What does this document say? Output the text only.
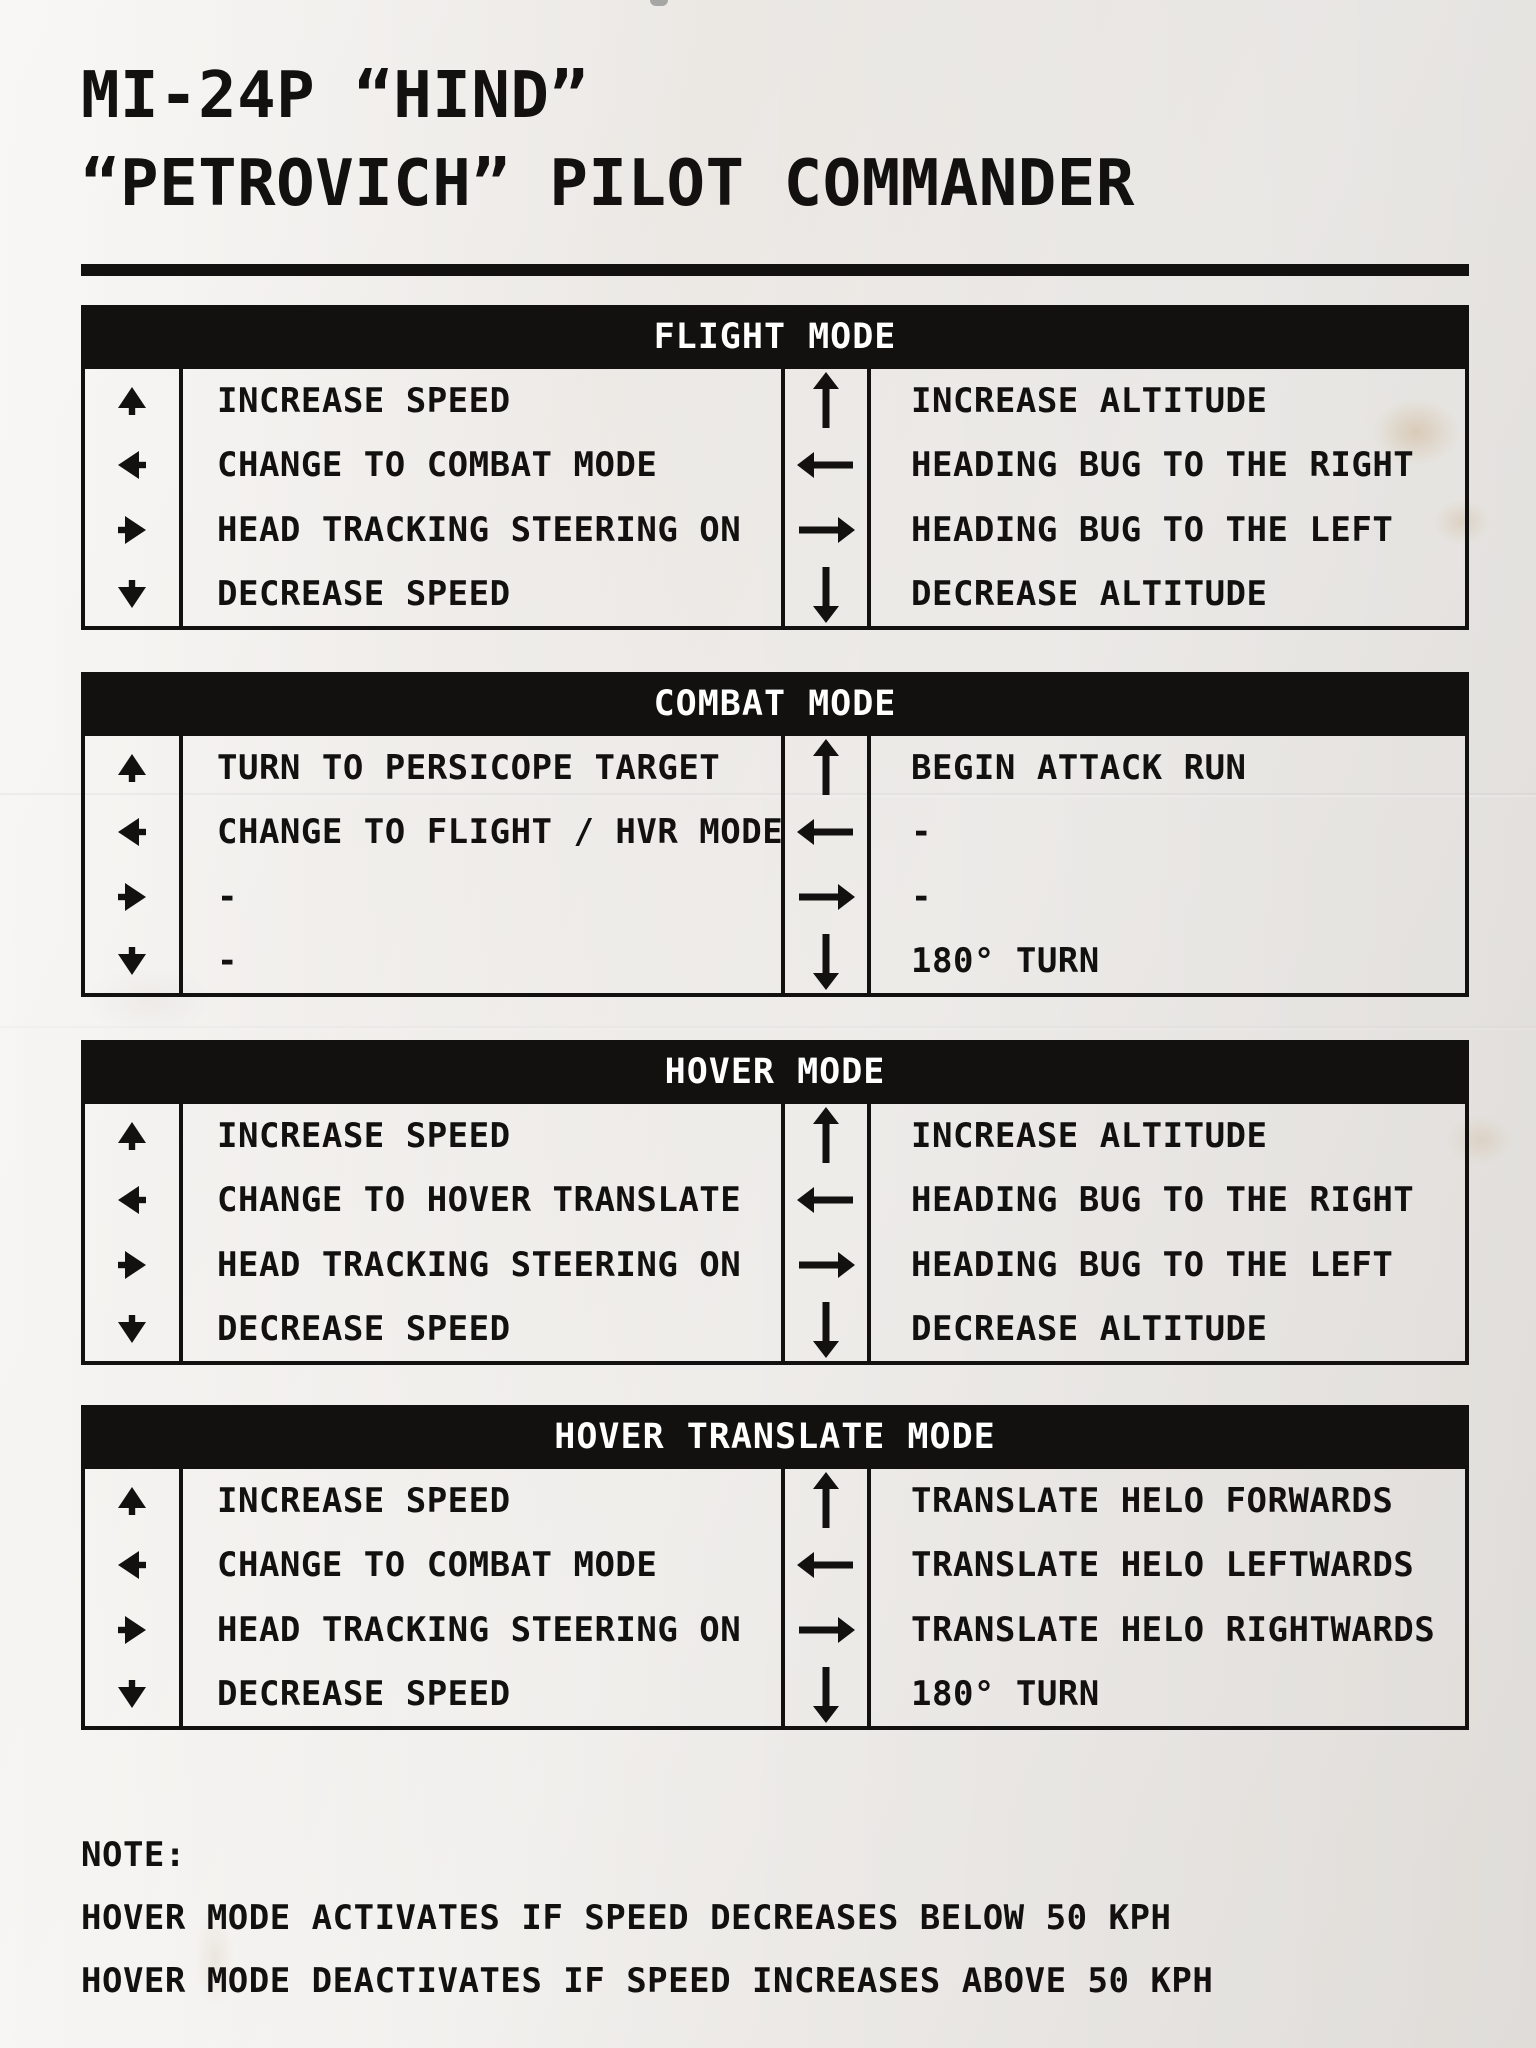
MI-24P “HIND”
“PETROVICH” PILOT COMMANDER
FLIGHT MODE
INCREASE SPEED	INCREASE ALTITUDE
CHANGE TO COMBAT MODE	HEADING BUG TO THE RIGHT
HEAD TRACKING STEERING ON	HEADING BUG TO THE LEFT
DECREASE SPEED	DECREASE ALTITUDE
COMBAT MODE
TURN TO PERSICOPE TARGET	BEGIN ATTACK RUN
CHANGE TO FLIGHT / HVR MODE	-
-	-
-	180° TURN
HOVER MODE
INCREASE SPEED	INCREASE ALTITUDE
CHANGE TO HOVER TRANSLATE	HEADING BUG TO THE RIGHT
HEAD TRACKING STEERING ON	HEADING BUG TO THE LEFT
DECREASE SPEED	DECREASE ALTITUDE
HOVER TRANSLATE MODE
INCREASE SPEED	TRANSLATE HELO FORWARDS
CHANGE TO COMBAT MODE	TRANSLATE HELO LEFTWARDS
HEAD TRACKING STEERING ON	TRANSLATE HELO RIGHTWARDS
DECREASE SPEED	180° TURN
NOTE:
HOVER MODE ACTIVATES IF SPEED DECREASES BELOW 50 KPH
HOVER MODE DEACTIVATES IF SPEED INCREASES ABOVE 50 KPH
